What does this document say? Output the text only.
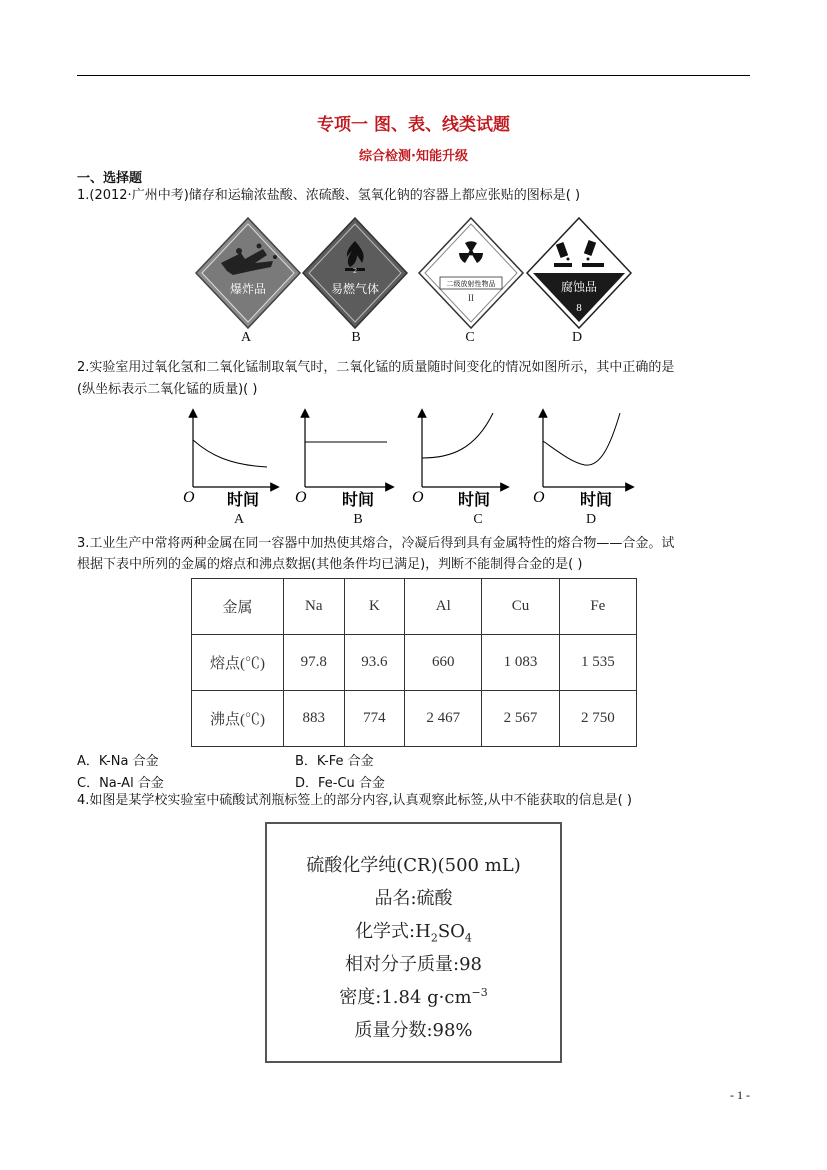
专项一 图、表、线类试题
综合检测·知能升级
一、选择题
1.(2012·广州中考)储存和运输浓盐酸、浓硫酸、氢氧化钠的容器上都应张贴的图标是( )
爆炸品
2
易燃气体	二级放射性物品
II
腐蚀品
8
A	B	C	D
2.实验室用过氧化氢和二氧化锰制取氧气时，二氧化锰的质量随时间变化的情况如图所示，其中正确的是
(纵坐标表示二氧化锰的质量)( )
O 时间 O 时间 O 时间	O 时间
A	B	C	D
3.工业生产中常将两种金属在同一容器中加热使其熔合，冷凝后得到具有金属特性的熔合物——合金。试
根据下表中所列的金属的熔点和沸点数据(其他条件均已满足)，判断不能制得合金的是( )
金属	Na	K	Al	Cu	Fe
熔点(℃)	97.8	93.6	660	1 083	1 535
沸点(℃)	883	774	2 467	2 567	2 750
A．K-Na 合金	B．K-Fe 合金
C．Na-Al 合金	D．Fe-Cu 合金
4.如图是某学校实验室中硫酸试剂瓶标签上的部分内容,认真观察此标签,从中不能获取的信息是( )
硫酸化学纯(CR)(500 mL)
品名:硫酸
化学式$:H_2SO_4$
相对分子质量:98
密度:1.84 $g\cdot cm^{-3}$
质量分数:98%
- 1 -
